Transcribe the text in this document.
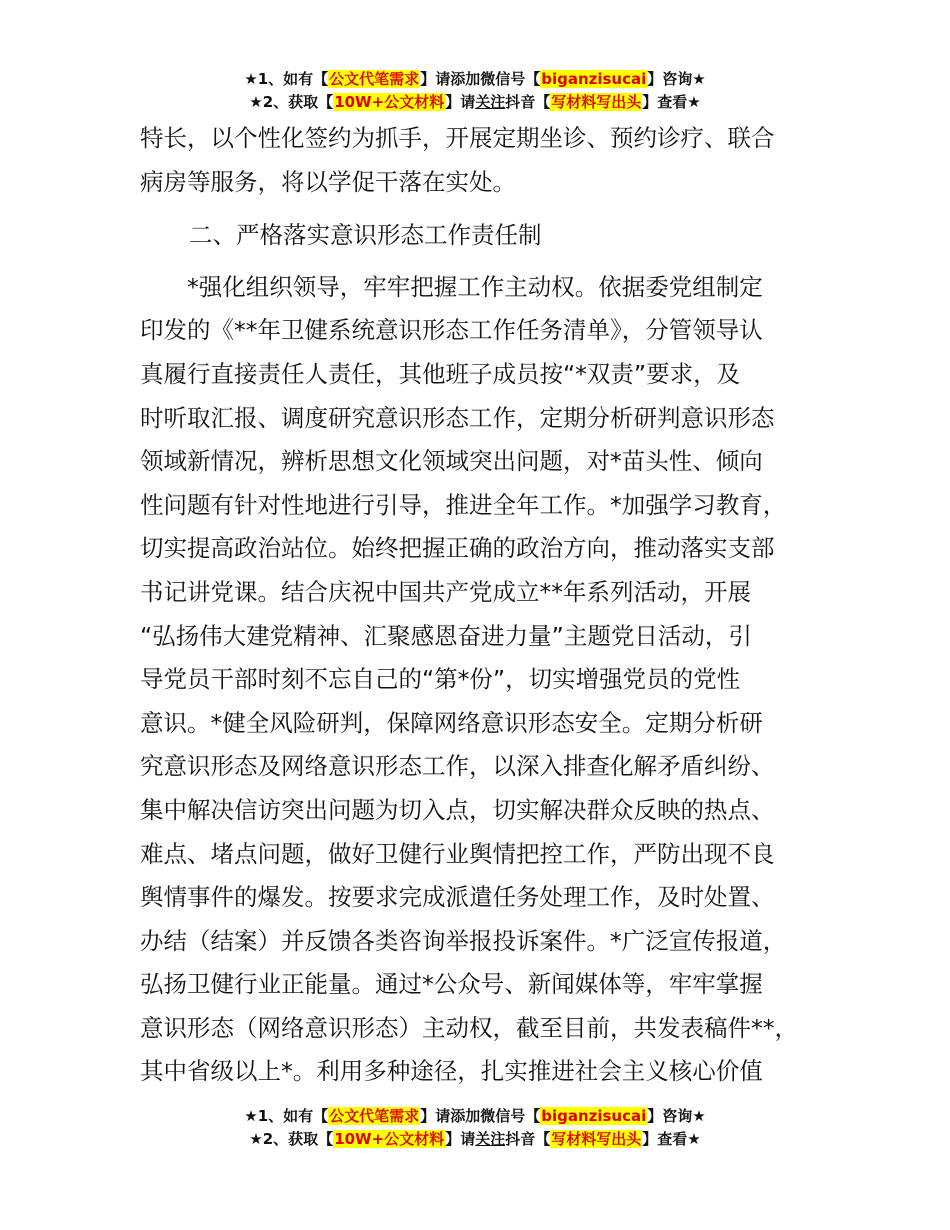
★1、如有【公文代笔需求】请添加微信号【biganzisucai】咨询★
★2、获取【10W+公文材料】请关注抖音【写材料写出头】查看★

特长，以个性化签约为抓手，开展定期坐诊、预约诊疗、联合

病房等服务，将以学促干落在实处。

二、严格落实意识形态工作责任制

　　*强化组织领导，牢牢把握工作主动权。依据委党组制定

印发的《**年卫健系统意识形态工作任务清单》，分管领导认

真履行直接责任人责任，其他班子成员按“*双责”要求，及

时听取汇报、调度研究意识形态工作，定期分析研判意识形态

领域新情况，辨析思想文化领域突出问题，对*苗头性、倾向

性问题有针对性地进行引导，推进全年工作。*加强学习教育，

切实提高政治站位。始终把握正确的政治方向，推动落实支部

书记讲党课。结合庆祝中国共产党成立**年系列活动，开展

“弘扬伟大建党精神、汇聚感恩奋进力量”主题党日活动，引

导党员干部时刻不忘自己的“第*份”，切实增强党员的党性

意识。*健全风险研判，保障网络意识形态安全。定期分析研

究意识形态及网络意识形态工作，以深入排查化解矛盾纠纷、

集中解决信访突出问题为切入点，切实解决群众反映的热点、

难点、堵点问题，做好卫健行业舆情把控工作，严防出现不良

舆情事件的爆发。按要求完成派遣任务处理工作，及时处置、

办结（结案）并反馈各类咨询举报投诉案件。*广泛宣传报道，

弘扬卫健行业正能量。通过*公众号、新闻媒体等，牢牢掌握

意识形态（网络意识形态）主动权，截至目前，共发表稿件**，

其中省级以上*。利用多种途径，扎实推进社会主义核心价值

★1、如有【公文代笔需求】请添加微信号【biganzisucai】咨询★
★2、获取【10W+公文材料】请关注抖音【写材料写出头】查看★
